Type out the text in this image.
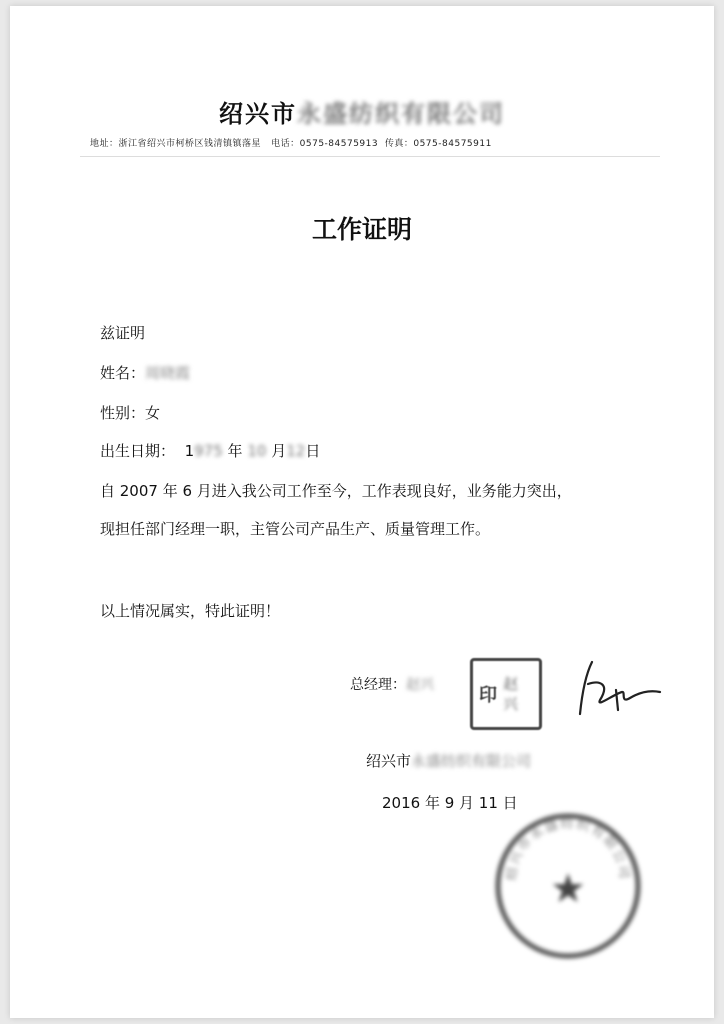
绍兴市永盛纺织有限公司
地址：浙江省绍兴市柯桥区钱清镇镇落星 电话：0575-84575913 传真：0575-84575911
工作证明
兹证明
姓名：周晓霞
性别：女
出生日期： 1975 年 10 月12日
自 2007 年 6 月进入我公司工作至今，工作表现良好，业务能力突出，
现担任部门经理一职，主管公司产品生产、质量管理工作。
以上情况属实，特此证明！
总经理：赵兴	印
赵
兴
绍兴市永盛纺织有限公司
2016 年 9 月 11 日
绍兴市永盛纺织有限公司
★
